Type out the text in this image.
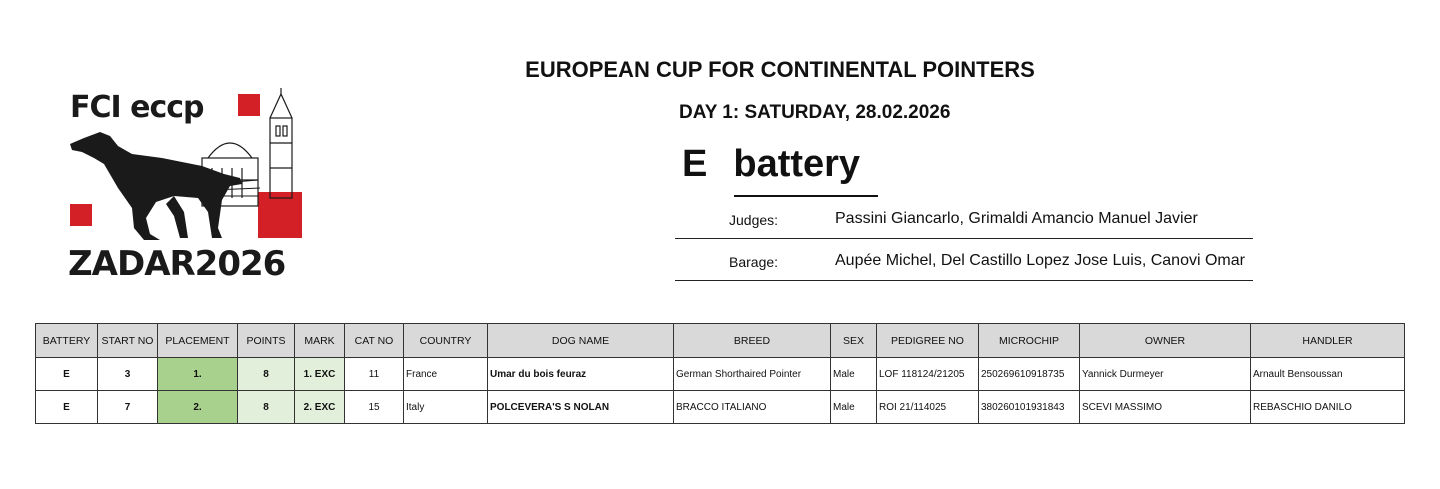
FCI eccp
ZADAR2026
EUROPEAN CUP FOR CONTINENTAL POINTERS
DAY 1: SATURDAY, 28.02.2026
E battery
Judges:	Passini Giancarlo, Grimaldi Amancio Manuel Javier
Barage:	Aupée Michel, Del Castillo Lopez Jose Luis, Canovi Omar
BATTERY	START NO	PLACEMENT	POINTS	MARK	CAT NO	COUNTRY	DOG NAME	BREED	SEX	PEDIGREE NO	MICROCHIP	OWNER	HANDLER
E	3	1.	8	1. EXC	11	France	Umar du bois feuraz	German Shorthaired Pointer	Male	LOF 118124/21205	250269610918735	Yannick Durmeyer	Arnault Bensoussan
E	7	2.	8	2. EXC	15	Italy	POLCEVERA'S S NOLAN	BRACCO ITALIANO	Male	ROI 21/114025	380260101931843	SCEVI MASSIMO	REBASCHIO DANILO
